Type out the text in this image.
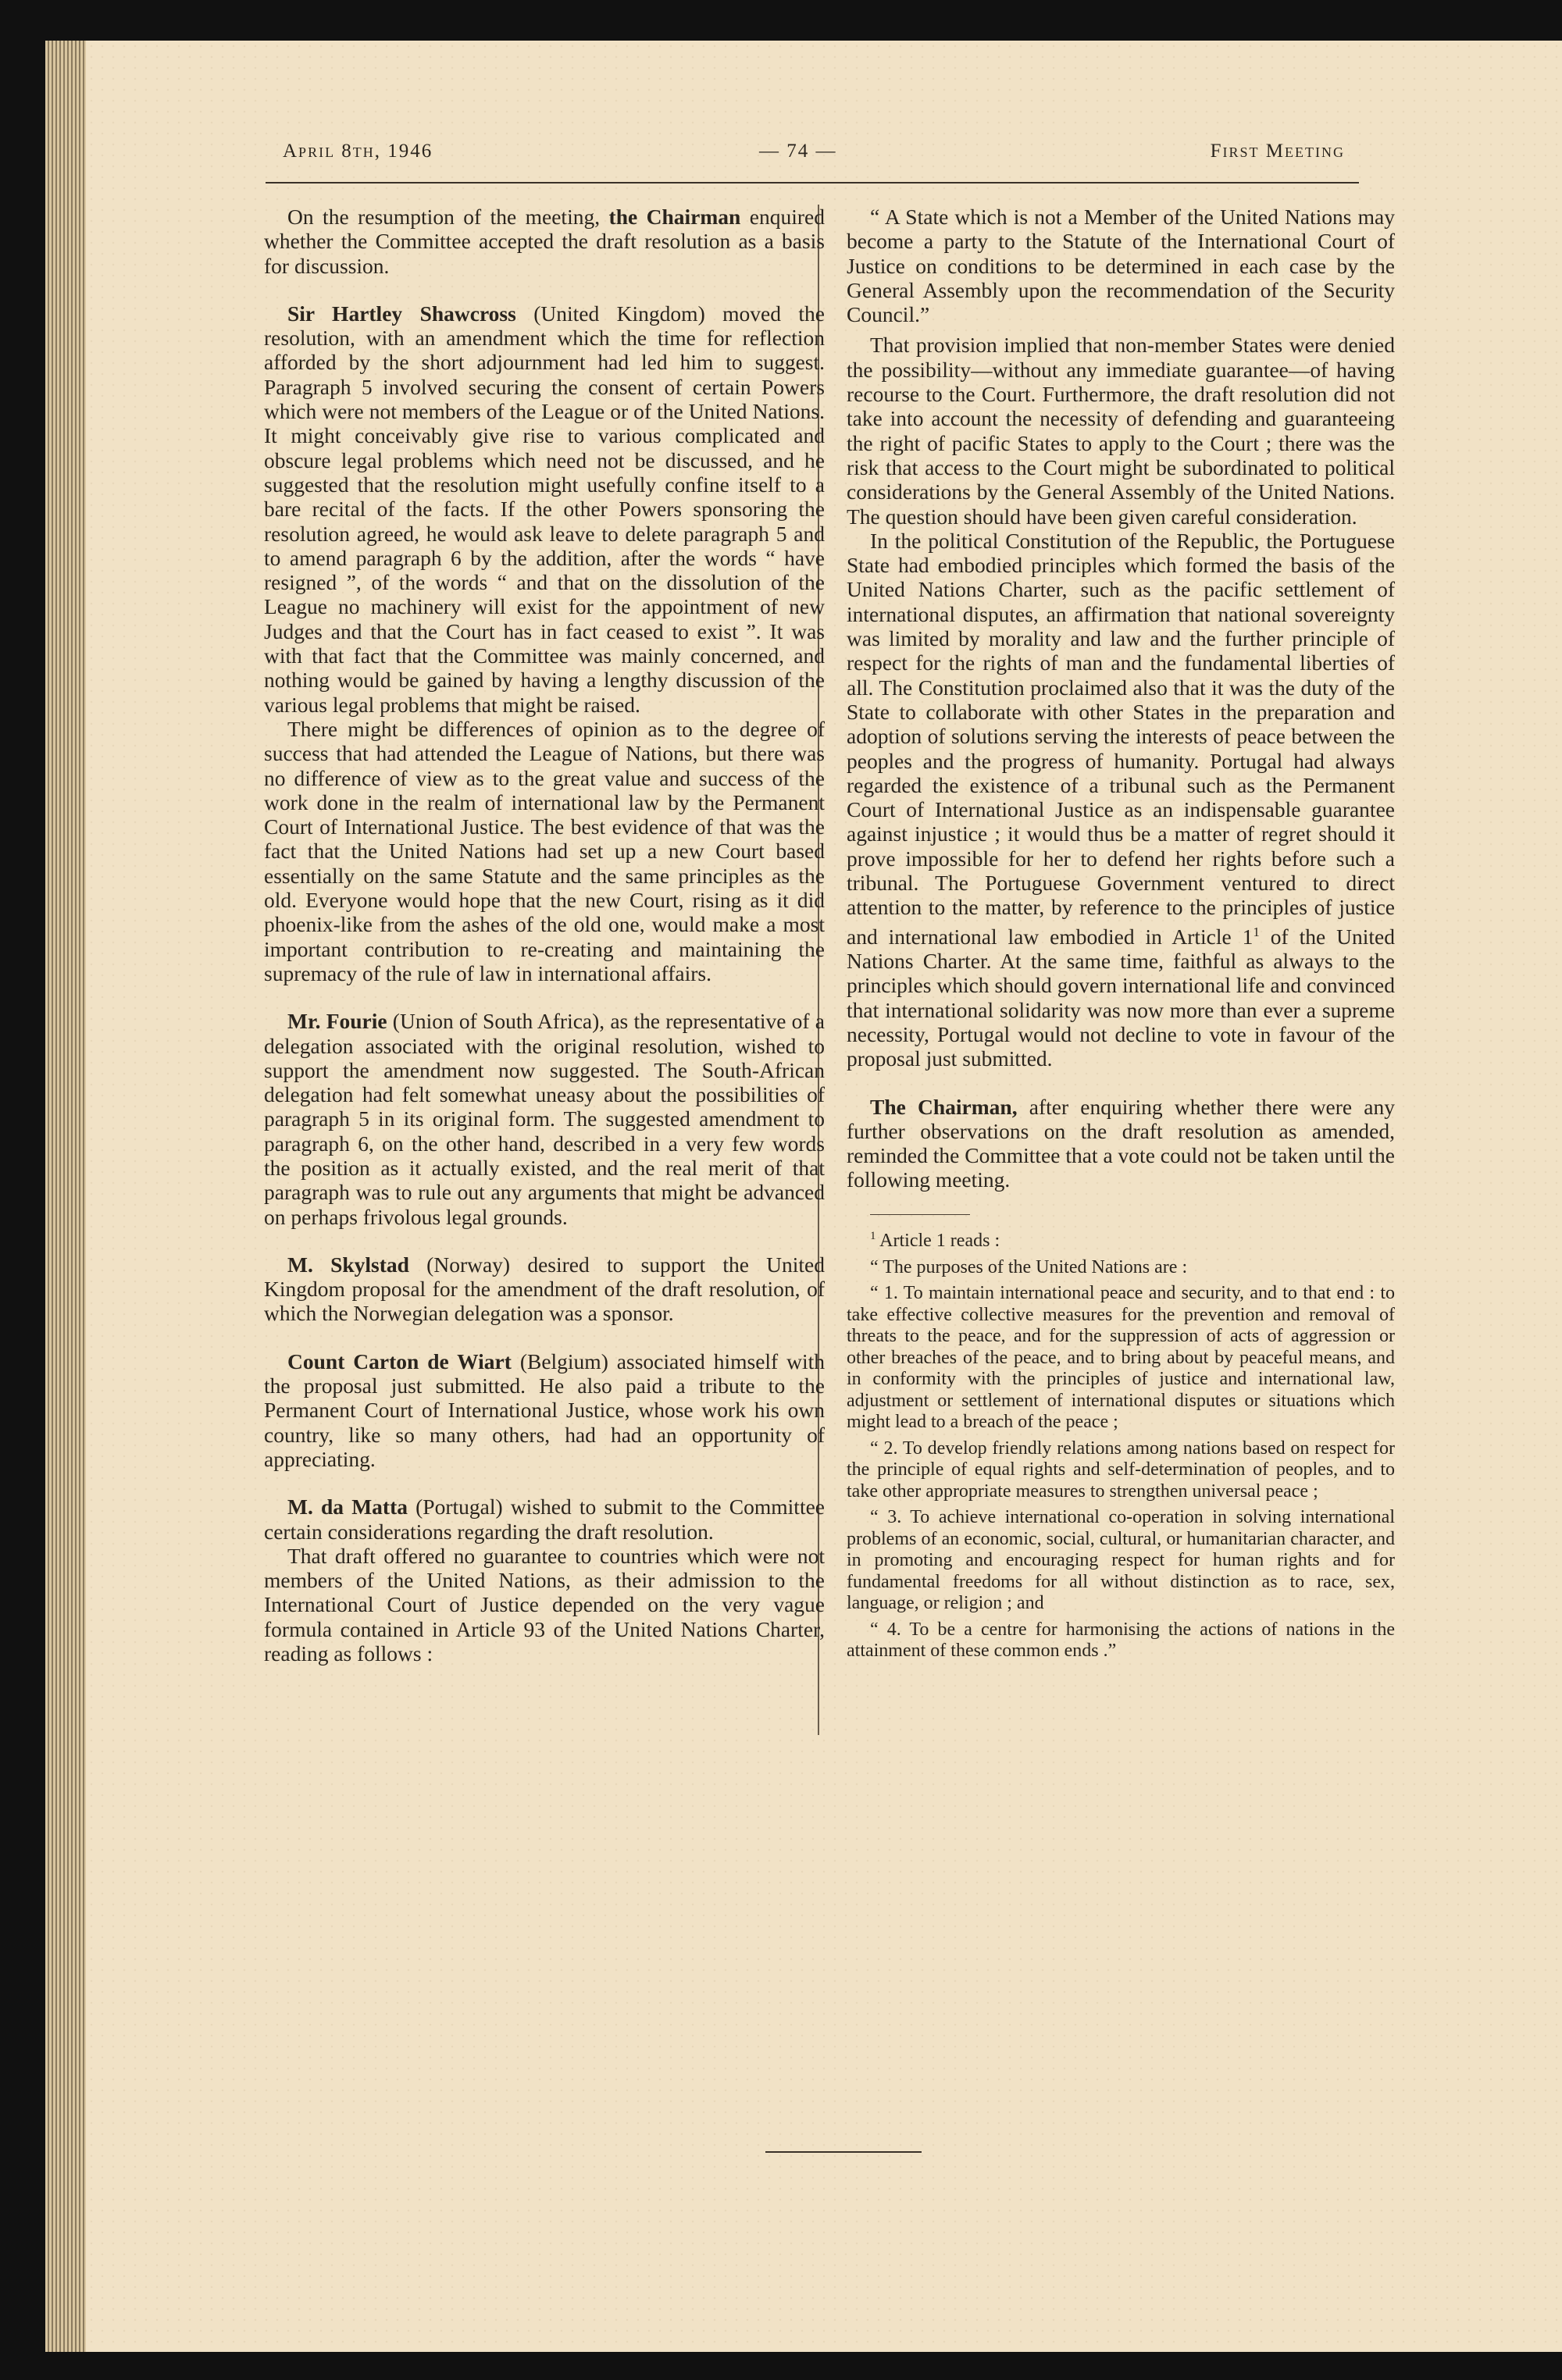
April 8th, 1946	— 74 —	First Meeting

On the resumption of the meeting, the Chairman enquired whether the Committee accepted the draft resolution as a basis for discussion.

Sir Hartley Shawcross (United Kingdom) moved the resolution, with an amendment which the time for reflection afforded by the short adjournment had led him to suggest. Paragraph 5 involved securing the consent of certain Powers which were not members of the League or of the United Nations. It might conceivably give rise to various complicated and obscure legal problems which need not be discussed, and he suggested that the resolution might usefully confine itself to a bare recital of the facts. If the other Powers sponsoring the resolution agreed, he would ask leave to delete paragraph 5 and to amend paragraph 6 by the addition, after the words “ have resigned ”, of the words “ and that on the dissolution of the League no machinery will exist for the appointment of new Judges and that the Court has in fact ceased to exist ”. It was with that fact that the Committee was mainly concerned, and nothing would be gained by having a lengthy discussion of the various legal problems that might be raised.

There might be differences of opinion as to the degree of success that had attended the League of Nations, but there was no difference of view as to the great value and success of the work done in the realm of international law by the Permanent Court of International Justice. The best evidence of that was the fact that the United Nations had set up a new Court based essentially on the same Statute and the same principles as the old. Everyone would hope that the new Court, rising as it did phoenix-like from the ashes of the old one, would make a most important contribution to re-creating and maintaining the supremacy of the rule of law in international affairs.

Mr. Fourie (Union of South Africa), as the representative of a delegation associated with the original resolution, wished to support the amendment now suggested. The South-African delegation had felt somewhat uneasy about the possibilities of paragraph 5 in its original form. The suggested amendment to paragraph 6, on the other hand, described in a very few words the position as it actually existed, and the real merit of that paragraph was to rule out any arguments that might be advanced on perhaps frivolous legal grounds.

M. Skylstad (Norway) desired to support the United Kingdom proposal for the amendment of the draft resolution, of which the Norwegian delegation was a sponsor.

Count Carton de Wiart (Belgium) associated himself with the proposal just submitted. He also paid a tribute to the Permanent Court of International Justice, whose work his own country, like so many others, had had an opportunity of appreciating.

M. da Matta (Portugal) wished to submit to the Committee certain considerations regarding the draft resolution.

That draft offered no guarantee to countries which were not members of the United Nations, as their admission to the International Court of Justice depended on the very vague formula contained in Article 93 of the United Nations Charter, reading as follows :

“ A State which is not a Member of the United Nations may become a party to the Statute of the International Court of Justice on conditions to be determined in each case by the General Assembly upon the recommendation of the Security Council.”

That provision implied that non-member States were denied the possibility—without any immediate guarantee—of having recourse to the Court. Furthermore, the draft resolution did not take into account the necessity of defending and guaranteeing the right of pacific States to apply to the Court ; there was the risk that access to the Court might be subordinated to political considerations by the General Assembly of the United Nations. The question should have been given careful consideration.

In the political Constitution of the Republic, the Portuguese State had embodied principles which formed the basis of the United Nations Charter, such as the pacific settlement of international disputes, an affirmation that national sovereignty was limited by morality and law and the further principle of respect for the rights of man and the fundamental liberties of all. The Constitution proclaimed also that it was the duty of the State to collaborate with other States in the preparation and adoption of solutions serving the interests of peace between the peoples and the progress of humanity. Portugal had always regarded the existence of a tribunal such as the Permanent Court of International Justice as an indispensable guarantee against injustice ; it would thus be a matter of regret should it prove impossible for her to defend her rights before such a tribunal. The Portuguese Government ventured to direct attention to the matter, by reference to the principles of justice and international law embodied in Article $1^1$ of the United Nations Charter. At the same time, faithful as always to the principles which should govern international life and convinced that international solidarity was now more than ever a supreme necessity, Portugal would not decline to vote in favour of the proposal just submitted.

The Chairman, after enquiring whether there were any further observations on the draft resolution as amended, reminded the Committee that a vote could not be taken until the following meeting.

$^1$ Article 1 reads :

“ The purposes of the United Nations are :

“ 1. To maintain international peace and security, and to that end : to take effective collective measures for the prevention and removal of threats to the peace, and for the suppression of acts of aggression or other breaches of the peace, and to bring about by peaceful means, and in conformity with the principles of justice and international law, adjustment or settlement of international disputes or situations which might lead to a breach of the peace ;

“ 2. To develop friendly relations among nations based on respect for the principle of equal rights and self-determination of peoples, and to take other appropriate measures to strengthen universal peace ;

“ 3. To achieve international co-operation in solving international problems of an economic, social, cultural, or humanitarian character, and in promoting and encouraging respect for human rights and for fundamental freedoms for all without distinction as to race, sex, language, or religion ; and

“ 4. To be a centre for harmonising the actions of nations in the attainment of these common ends .”
